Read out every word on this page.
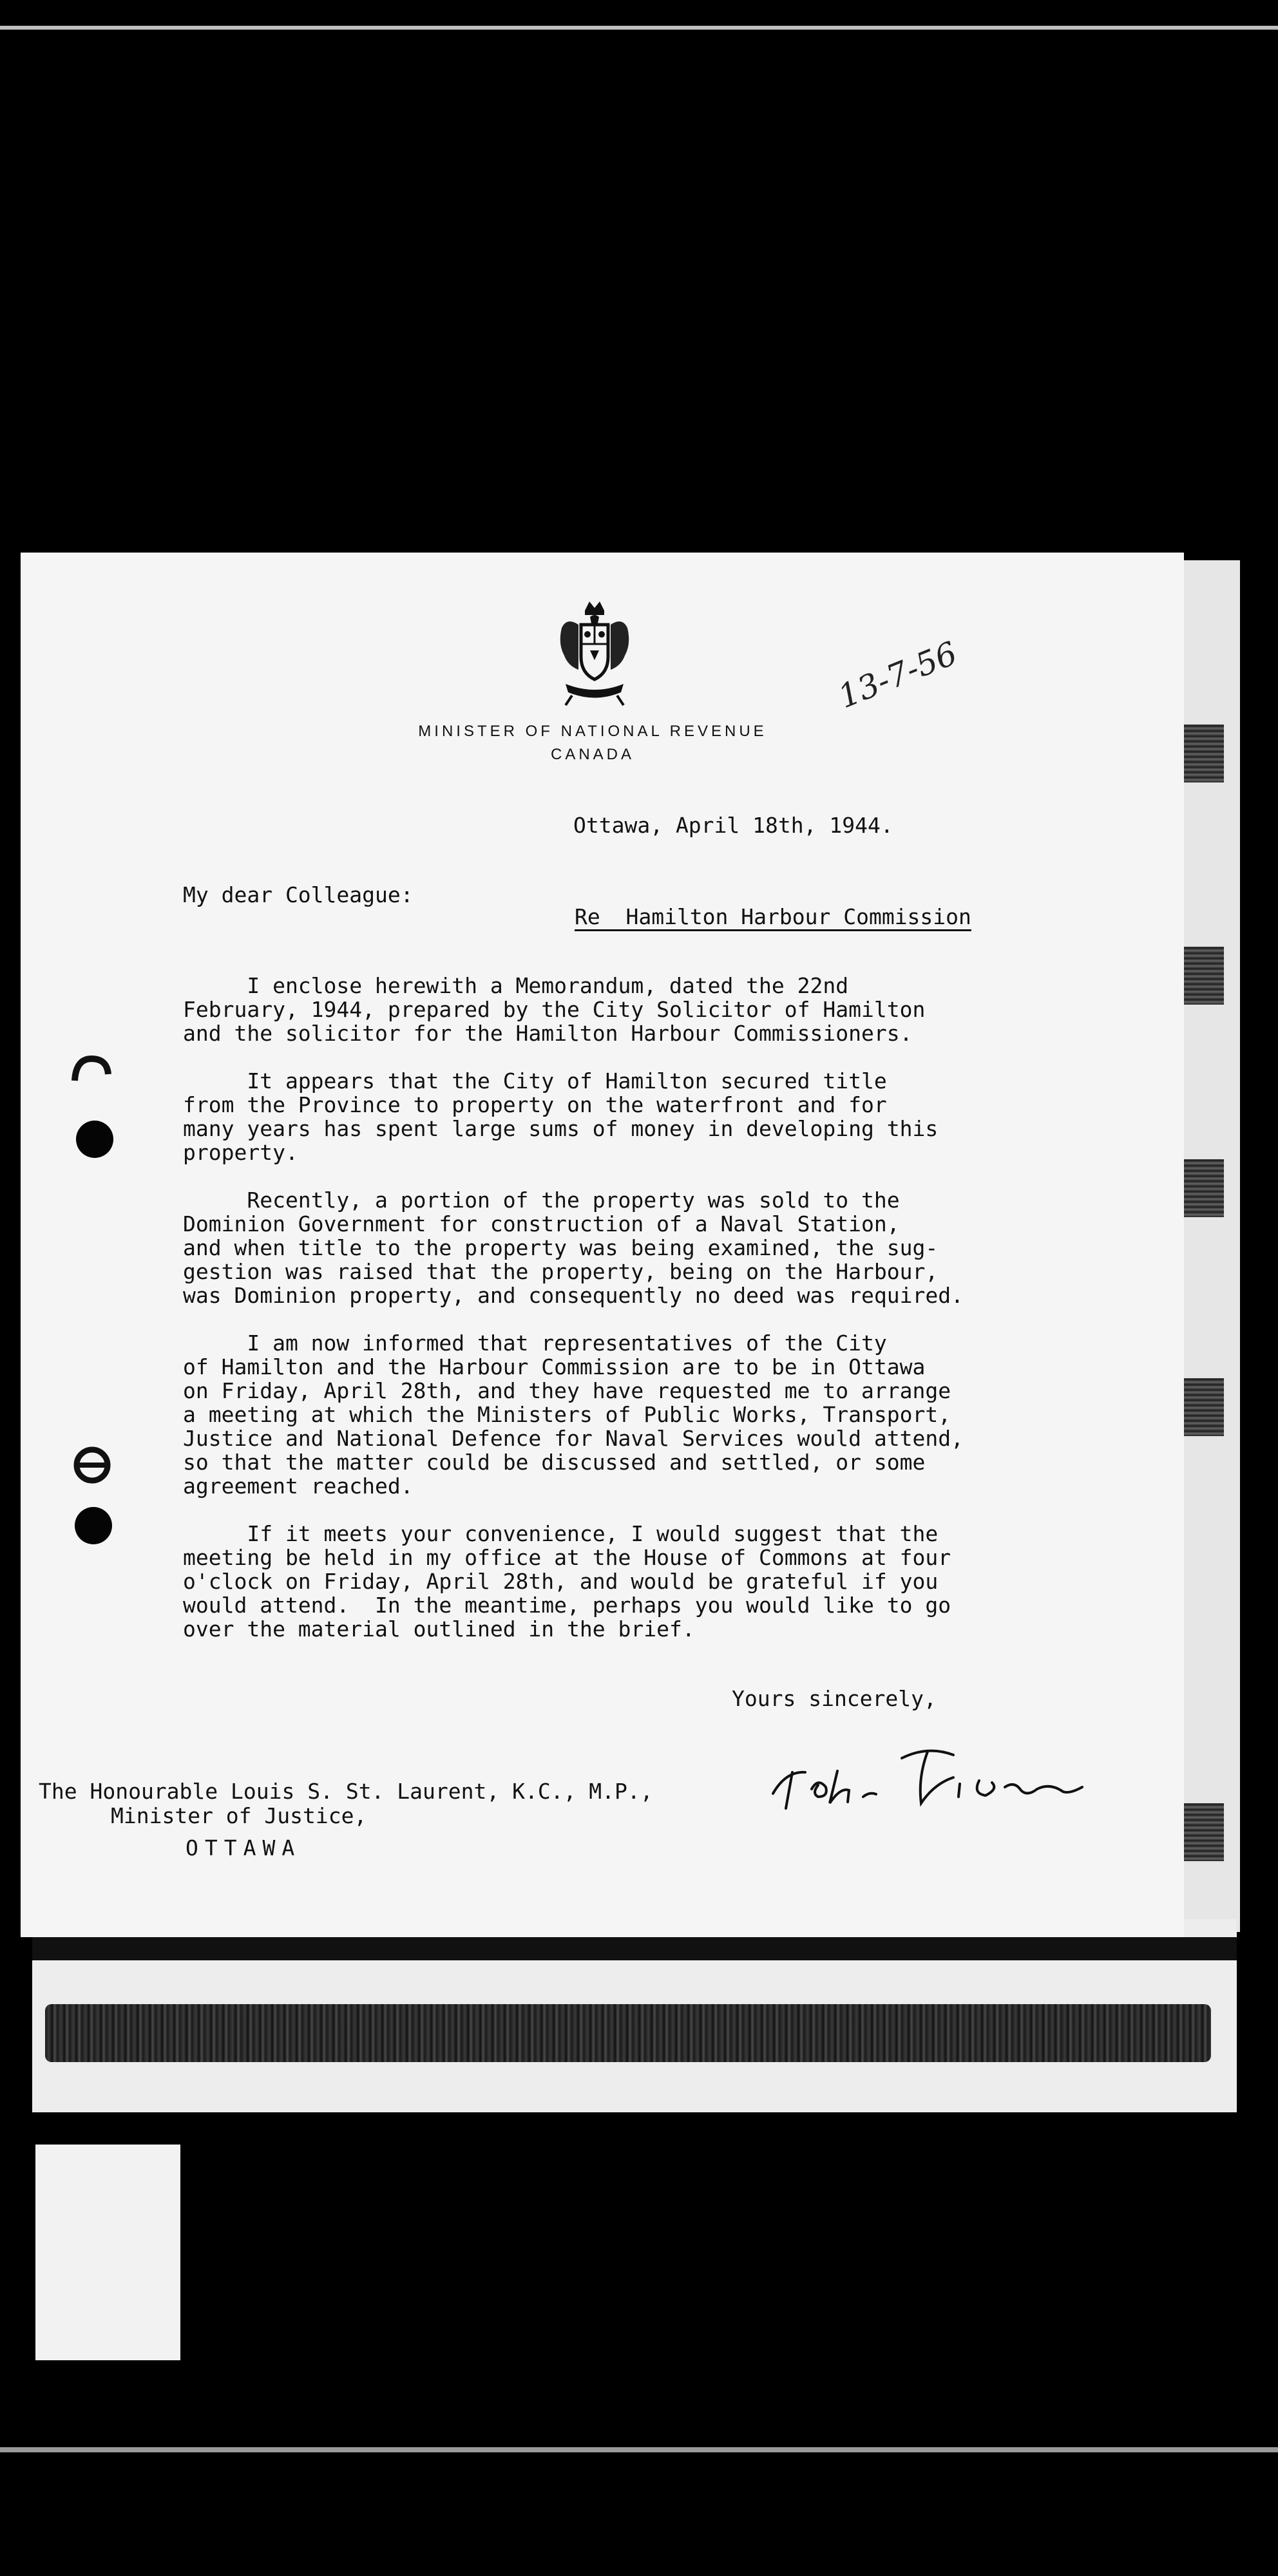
MINISTER OF NATIONAL REVENUE
CANADA
13-7-56

Ottawa, April 18th, 1944.

My dear Colleague:

Re  Hamilton Harbour Commission

I enclose herewith a Memorandum, dated the 22nd

February, 1944, prepared by the City Solicitor of Hamilton

and the solicitor for the Hamilton Harbour Commissioners.

It appears that the City of Hamilton secured title

from the Province to property on the waterfront and for

many years has spent large sums of money in developing this

property.

Recently, a portion of the property was sold to the

Dominion Government for construction of a Naval Station,

and when title to the property was being examined, the sug-

gestion was raised that the property, being on the Harbour,

was Dominion property, and consequently no deed was required.

I am now informed that representatives of the City

of Hamilton and the Harbour Commission are to be in Ottawa

on Friday, April 28th, and they have requested me to arrange

a meeting at which the Ministers of Public Works, Transport,

Justice and National Defence for Naval Services would attend,

so that the matter could be discussed and settled, or some

agreement reached.

If it meets your convenience, I would suggest that the

meeting be held in my office at the House of Commons at four

o'clock on Friday, April 28th, and would be grateful if you

would attend.  In the meantime, perhaps you would like to go

over the material outlined in the brief.

Yours sincerely,

The Honourable Louis S. St. Laurent, K.C., M.P.,

Minister of Justice,

OTTAWA
